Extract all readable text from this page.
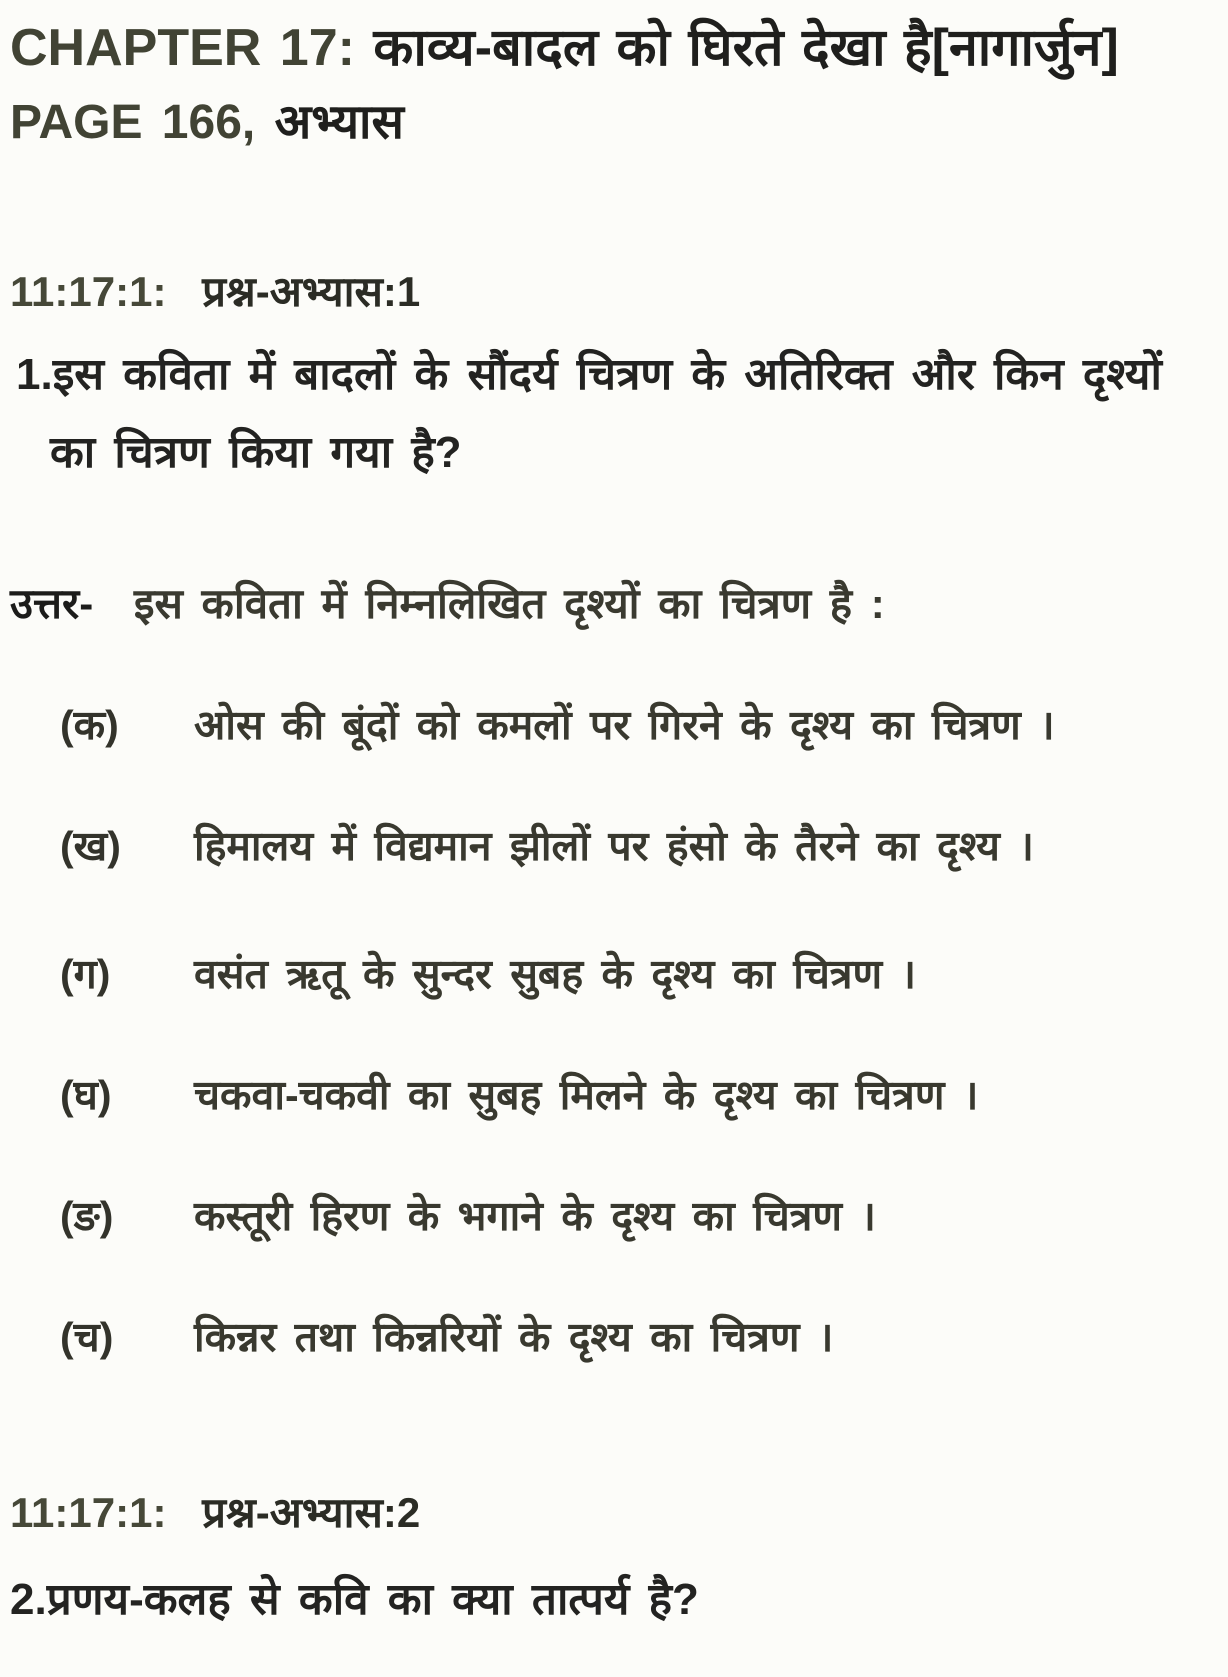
CHAPTER 17: काव्य-बादल को घिरते देखा है[नागार्जुन]

PAGE 166, अभ्यास

11:17:1: प्रश्न-अभ्यास:1

1.इस कविता में बादलों के सौंदर्य चित्रण के अतिरिक्त और किन दृश्यों का चित्रण किया गया है?

उत्तर- इस कविता में निम्नलिखित दृश्यों का चित्रण है :

(क) ओस की बूंदों को कमलों पर गिरने के दृश्य का चित्रण ।

(ख) हिमालय में विद्यमान झीलों पर हंसो के तैरने का दृश्य ।

(ग) वसंत ऋतू के सुन्दर सुबह के दृश्य का चित्रण ।

(घ) चकवा-चकवी का सुबह मिलने के दृश्य का चित्रण ।

(ङ) कस्तूरी हिरण के भगाने के दृश्य का चित्रण ।

(च) किन्नर तथा किन्नरियों के दृश्य का चित्रण ।

11:17:1: प्रश्न-अभ्यास:2

2.प्रणय-कलह से कवि का क्या तात्पर्य है?
